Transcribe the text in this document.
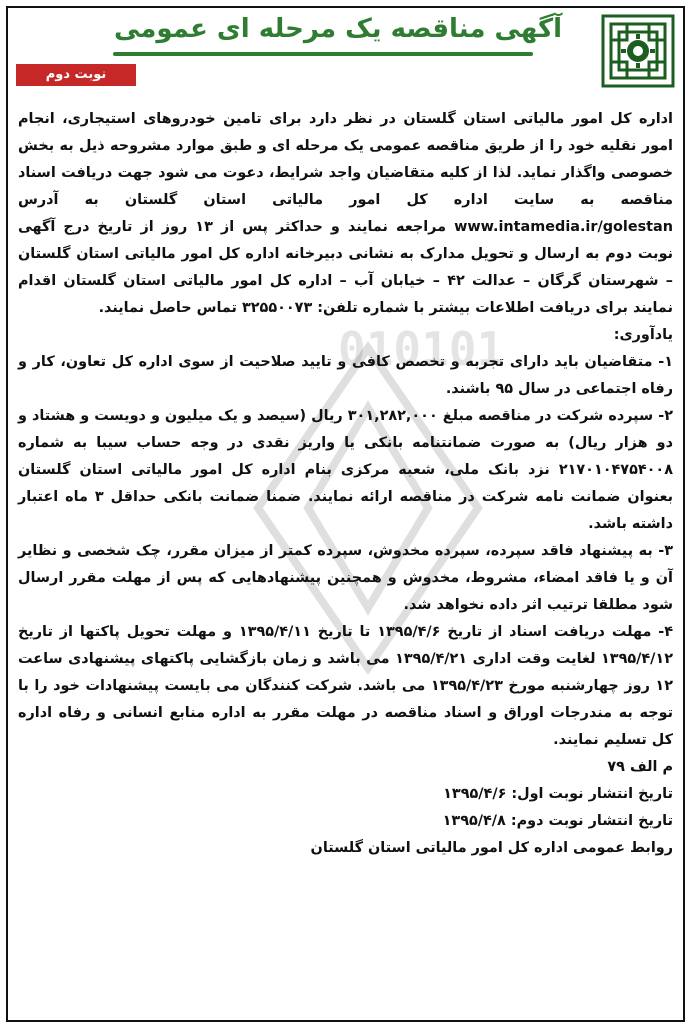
آگهی مناقصه یک مرحله ای عمومی
نوبت دوم
010101

اداره کل امور مالیاتی استان گلستان در نظر دارد برای تامین خودروهای استیجاری، انجام امور نقلیه خود را از طریق مناقصه عمومی یک مرحله ای و طبق موارد مشروحه ذیل به بخش خصوصی واگذار نماید. لذا از کلیه متقاضیان واجد شرایط، دعوت می شود جهت دریافت اسناد مناقصه به سایت اداره کل امور مالیاتی استان گلستان به آدرس www.intamedia.ir/golestan مراجعه نمایند و حداکثر پس از ۱۳ روز از تاریخ درج آگهی نوبت دوم به ارسال و تحویل مدارک به نشانی دبیرخانه اداره کل امور مالیاتی استان گلستان – شهرستان گرگان – عدالت ۴۲ – خیابان آب – اداره کل امور مالیاتی استان گلستان اقدام نمایند برای دریافت اطلاعات بیشتر با شماره تلفن: ۳۲۵۵۰۰۷۳ تماس حاصل نمایند.

یادآوری:

۱- متقاضیان باید دارای تجربه و تخصص کافی و تایید صلاحیت از سوی اداره کل تعاون، کار و رفاه اجتماعی در سال ۹۵ باشند.

۲- سپرده شرکت در مناقصه مبلغ ۳۰۱,۲۸۲,۰۰۰ ریال (سیصد و یک میلیون و دویست و هشتاد و دو هزار ریال) به صورت ضمانتنامه بانکی یا واریز نقدی در وجه حساب سیبا به شماره ۲۱۷۰۱۰۴۷۵۴۰۰۸ نزد بانک ملی، شعبه مرکزی بنام اداره کل امور مالیاتی استان گلستان بعنوان ضمانت نامه شرکت در مناقصه ارائه نمایند. ضمنا ضمانت بانکی حداقل ۳ ماه اعتبار داشته باشد.

۳- به پیشنهاد فاقد سپرده، سپرده مخدوش، سپرده کمتر از میزان مقرر، چک شخصی و نظایر آن و یا فاقد امضاء، مشروط، مخدوش و همچنین پیشنهادهایی که پس از مهلت مقرر ارسال شود مطلقا ترتیب اثر داده نخواهد شد.

۴- مهلت دریافت اسناد از تاریخ ۱۳۹۵/۴/۶ تا تاریخ ۱۳۹۵/۴/۱۱ و مهلت تحویل پاکتها از تاریخ ۱۳۹۵/۴/۱۲ لغایت وقت اداری ۱۳۹۵/۴/۲۱ می باشد و زمان بازگشایی پاکتهای پیشنهادی ساعت ۱۲ روز چهارشنبه مورخ ۱۳۹۵/۴/۲۳ می باشد. شرکت کنندگان می بایست پیشنهادات خود را با توجه به مندرجات اوراق و اسناد مناقصه در مهلت مقرر به اداره منابع انسانی و رفاه اداره کل تسلیم نمایند.

م الف ۷۹

تاریخ انتشار نوبت اول: ۱۳۹۵/۴/۶

تاریخ انتشار نوبت دوم: ۱۳۹۵/۴/۸

روابط عمومی اداره کل امور مالیاتی استان گلستان
